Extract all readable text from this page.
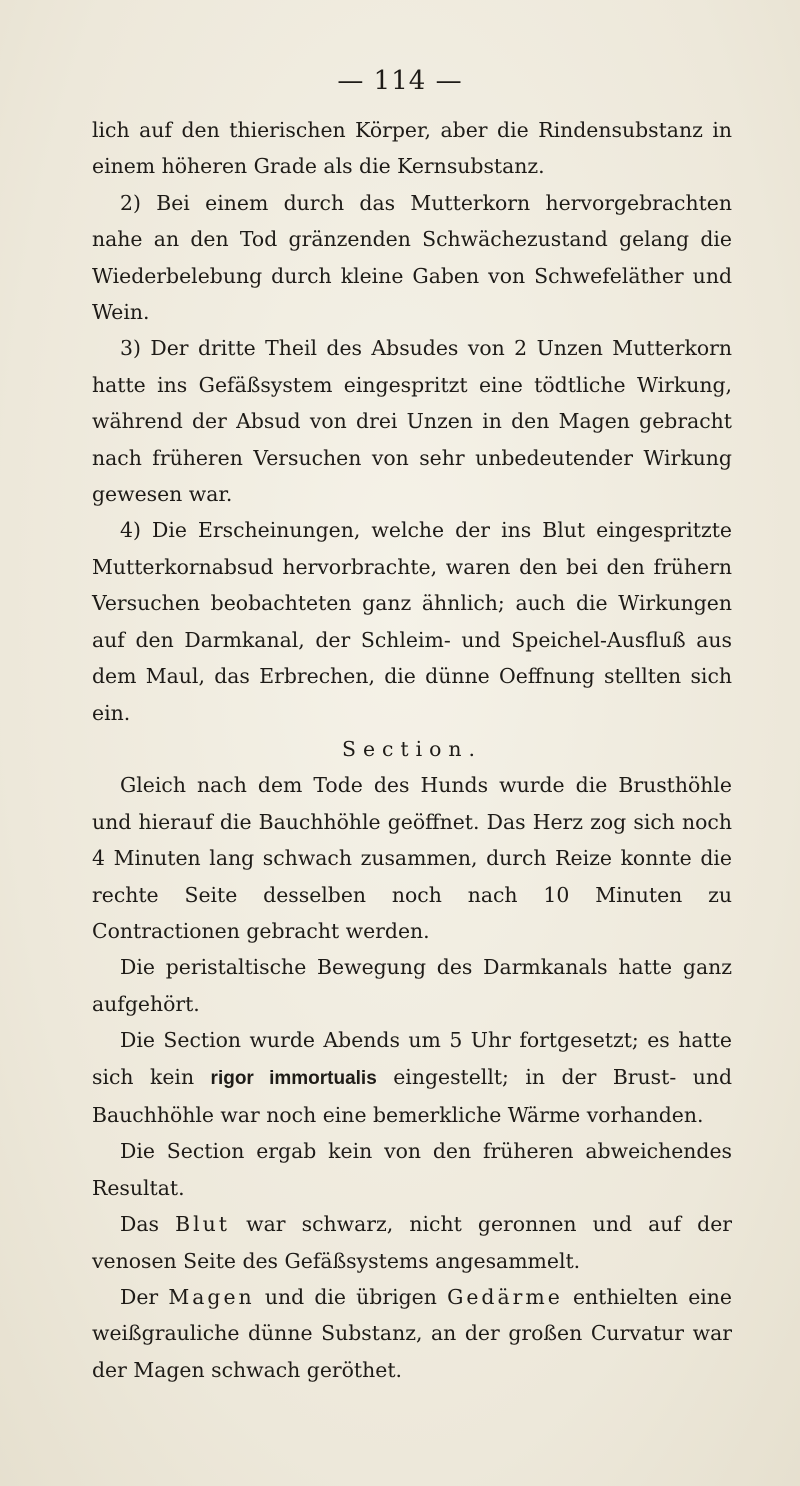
— 114 —

lich auf den thierischen Körper, aber die Rindensubstanz in einem höheren Grade als die Kernsubstanz.

2) Bei einem durch das Mutterkorn hervorgebrachten nahe an den Tod gränzenden Schwächezustand gelang die Wiederbelebung durch kleine Gaben von Schwefeläther und Wein.

3) Der dritte Theil des Absudes von 2 Unzen Mutterkorn hatte ins Gefäßsystem eingespritzt eine tödtliche Wirkung, während der Absud von drei Unzen in den Magen gebracht nach früheren Versuchen von sehr unbedeutender Wirkung gewesen war.

4) Die Erscheinungen, welche der ins Blut eingespritzte Mutterkornabsud hervorbrachte, waren den bei den frühern Versuchen beobachteten ganz ähnlich; auch die Wirkungen auf den Darmkanal, der Schleim- und Speichel-Ausfluß aus dem Maul, das Erbrechen, die dünne Oeffnung stellten sich ein.

Section.

Gleich nach dem Tode des Hunds wurde die Brusthöhle und hierauf die Bauchhöhle geöffnet. Das Herz zog sich noch 4 Minuten lang schwach zusammen, durch Reize konnte die rechte Seite desselben noch nach 10 Minuten zu Contractionen gebracht werden.

Die peristaltische Bewegung des Darmkanals hatte ganz aufgehört.

Die Section wurde Abends um 5 Uhr fortgesetzt; es hatte sich kein rigor immortualis eingestellt; in der Brust- und Bauchhöhle war noch eine bemerkliche Wärme vorhanden.

Die Section ergab kein von den früheren abweichendes Resultat.

Das Blut war schwarz, nicht geronnen und auf der venosen Seite des Gefäßsystems angesammelt.

Der Magen und die übrigen Gedärme enthielten eine weißgrauliche dünne Substanz, an der großen Curvatur war der Magen schwach geröthet.
